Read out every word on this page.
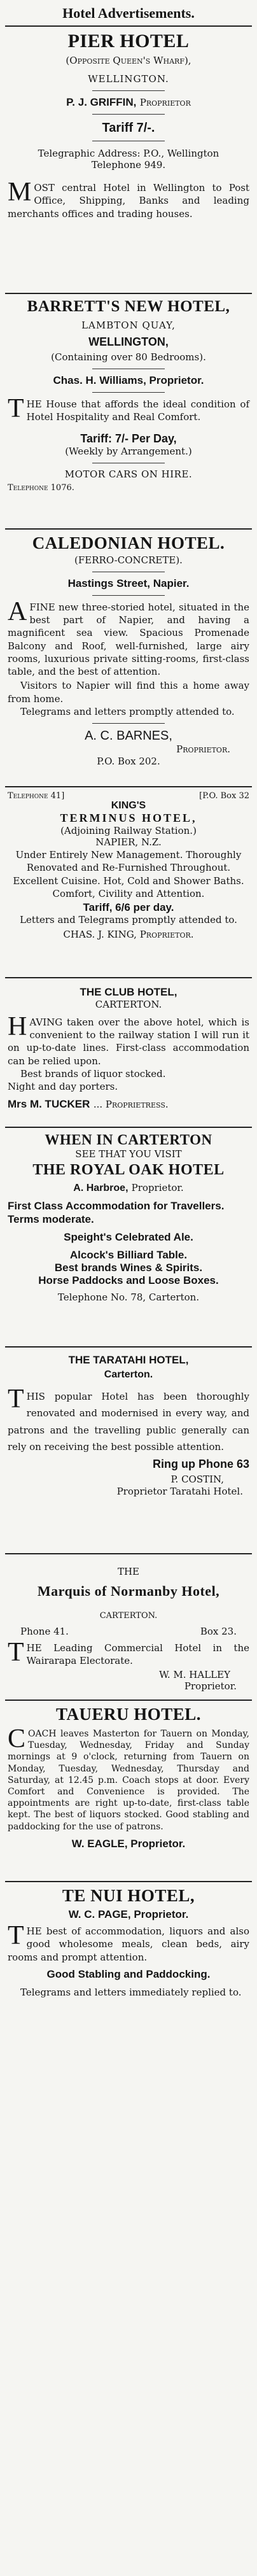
Hotel Advertisements.
PIER HOTEL
(Opposite Queen's Wharf),
WELLINGTON.
P. J. GRIFFIN, Proprietor
Tariff 7/-.
Telegraphic Address: P.O., Wellington
Telephone 949.
MOST central Hotel in Wellington to Post Office, Shipping, Banks and leading merchants offices and trading houses.
BARRETT'S NEW HOTEL,
LAMBTON QUAY,
WELLINGTON,
(Containing over 80 Bedrooms).
Chas. H. Williams, Proprietor.
THE House that affords the ideal condition of Hotel Hospitality and Real Comfort.
Tariff: 7/- Per Day,
(Weekly by Arrangement.)
MOTOR CARS ON HIRE.
Telephone 1076.
CALEDONIAN HOTEL.
(FERRO-CONCRETE).
Hastings Street, Napier.
AFINE new three-storied hotel, situated in the best part of Napier, and having a magnificent sea view. Spacious Promenade Balcony and Roof, well-furnished, large airy rooms, luxurious private sitting-rooms, first-class table, and the best of attention.
Visitors to Napier will find this a home away from home.
Telegrams and letters promptly attended to.
A. C. BARNES,
Proprietor.
P.O. Box 202.
Telephone 41]	[P.O. Box 32
KING'S
TERMINUS HOTEL,
(Adjoining Railway Station.)
NAPIER, N.Z.
Under Entirely New Management. Thoroughly Renovated and Re-Furnished Throughout. Excellent Cuisine. Hot, Cold and Shower Baths. Comfort, Civility and Attention.
Tariff, 6/6 per day.
Letters and Telegrams promptly attended to.
CHAS. J. KING, Proprietor.
THE CLUB HOTEL,
CARTERTON.
HAVING taken over the above hotel, which is convenient to the railway station I will run it on up-to-date lines. First-class accommodation can be relied upon.
Best brands of liquor stocked.
Night and day porters.
Mrs M. TUCKER ... Proprietress.
WHEN IN CARTERTON
SEE THAT YOU VISIT
THE ROYAL OAK HOTEL
A. Harbroe, Proprietor.
First Class Accommodation for Travellers. Terms moderate.
Speight's Celebrated Ale.
Alcock's Billiard Table.
Best brands Wines & Spirits.
Horse Paddocks and Loose Boxes.
Telephone No. 78, Carterton.
THE TARATAHI HOTEL,
Carterton.
THIS popular Hotel has been thoroughly renovated and modernised in every way, and patrons and the travelling public generally can rely on receiving the best possible attention.
Ring up Phone 63
P. COSTIN,
Proprietor Taratahi Hotel.
THE
Marquis of Normanby Hotel,
CARTERTON.
Phone 41.	Box 23.
THE Leading Commercial Hotel in the Wairarapa Electorate.
W. M. HALLEY
Proprietor.
TAUERU HOTEL.
COACH leaves Masterton for Tauern on Monday, Tuesday, Wednesday, Friday and Sunday mornings at 9 o'clock, returning from Tauern on Monday, Tuesday, Wednesday, Thursday and Saturday, at 12.45 p.m. Coach stops at door. Every Comfort and Convenience is provided. The appointments are right up-to-date, first-class table kept. The best of liquors stocked. Good stabling and paddocking for the use of patrons.
W. EAGLE, Proprietor.
TE NUI HOTEL,
W. C. PAGE, Proprietor.
THE best of accommodation, liquors and also good wholesome meals, clean beds, airy rooms and prompt attention.
Good Stabling and Paddocking.
Telegrams and letters immediately replied to.
